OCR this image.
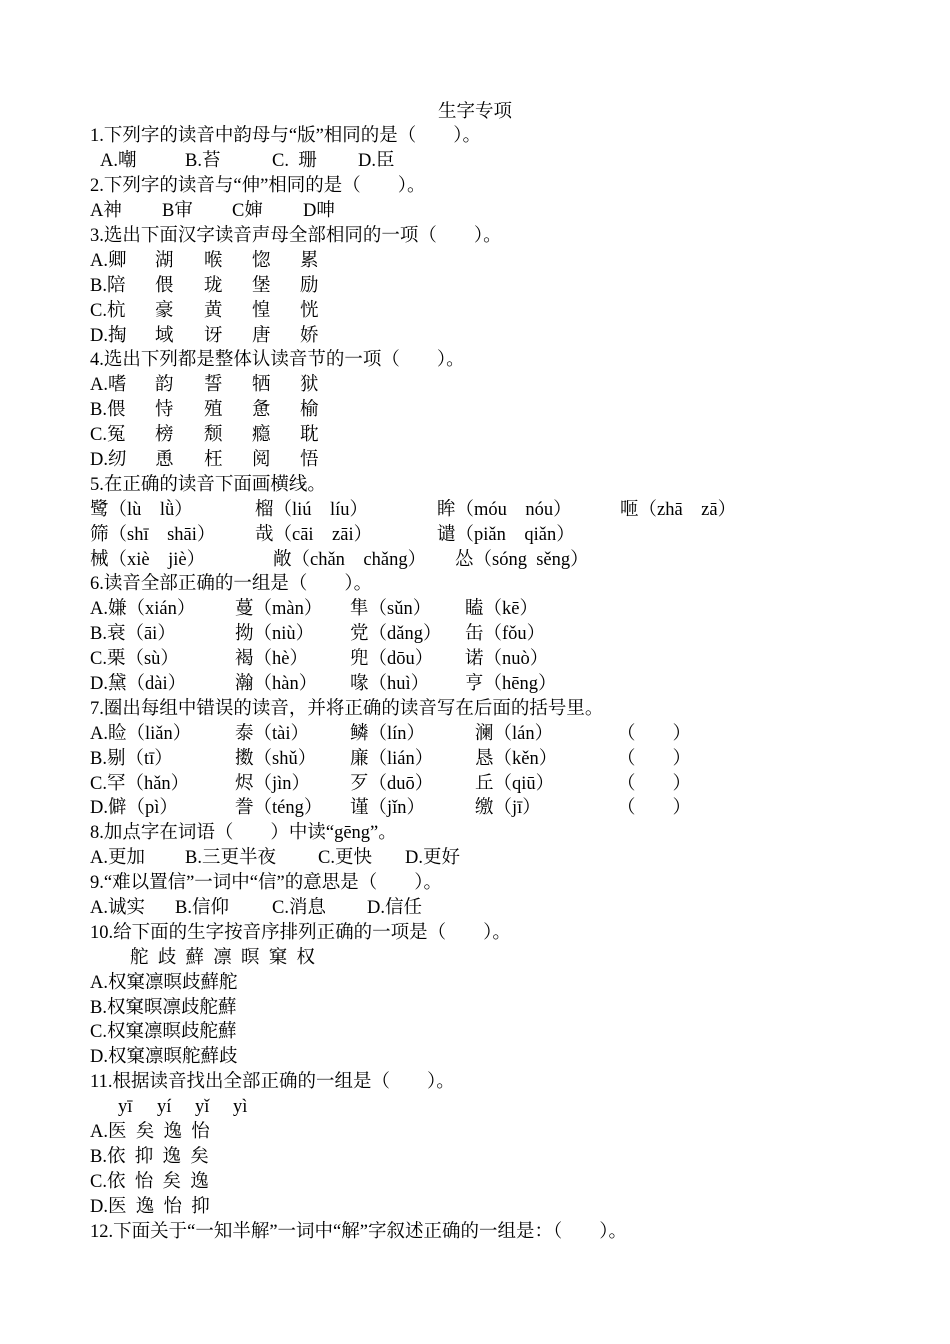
生字专项
1.下列字的读音中韵母与“版”相同的是（　　）。
A.嘲	B.苔	C. 珊 D.臣
2.下列字的读音与“伸”相同的是（　　）。
A神 B审 C婶 D呻
3.选出下面汉字读音声母全部相同的一项（　　）。
A.卿 湖 喉 惚 累
B.陪 偎 珑 堡 励
C.杭 豪 黄 惶 恍
D.掏 域 讶 唐 娇
4.选出下列都是整体认读音节的一项（　　）。
A.嗜 韵 誓 牺 狱
B.偎 恃 殖 惫 榆
C.冤 榜 颓 瘾 耽
D.纫 恿 枉 阅 悟
5.在正确的读音下面画横线。
鹭（lù  lǜ）	榴（liú  líu）	眸（móu  nóu）	咂（zhā  zā）
筛（shī  shāi） 哉（cāi  zāi）	谴（piǎn  qiǎn）
械（xiè  jiè）	敞（chǎn  chǎng） 怂（sóng sěng）
6.读音全部正确的一组是（　　）。
A.嫌（xián） 蔓（màn） 隼（sǔn） 瞌（kē）
B.衰（āi）	拗（niù） 党（dǎng） 缶（fǒu）
C.栗（sù）	褐（hè） 兜（dōu） 诺（nuò）
D.黛（dài）	瀚（hàn） 喙（huì） 亨（hēng）
7.圈出每组中错误的读音，并将正确的读音写在后面的括号里。
A.睑（liǎn） 泰（tài） 鳞（lín）	澜（lán）	（　　）
B.剔（tī）	擞（shǔ） 廉（lián） 恳（kěn）	（　　）
C.罕（hǎn） 烬（jìn） 歹（duō） 丘（qiū）	（　　）
D.僻（pì）	誊（téng） 谨（jǐn）	缴（jī）	（　　）
8.加点字在词语（　　）中读“gēng”。
A.更加 B.三更半夜 C.更快 D.更好
9.“难以置信”一词中“信”的意思是（　　）。
A.诚实 B.信仰 C.消息 D.信任
10.给下面的生字按音序排列正确的一项是（　　）。
舵 歧 蘚 凛 暝 窠 权
A.权窠凛暝歧蘚舵
B.权窠暝凛歧舵蘚
C.权窠凛暝歧舵蘚
D.权窠凛暝舵蘚歧
11.根据读音找出全部正确的一组是（　　）。
yī yí yǐ yì
A.医 矣 逸 怡
B.依 抑 逸 矣
C.依 怡 矣 逸
D.医 逸 怡 抑
12.下面关于“一知半解”一词中“解”字叙述正确的一组是：（　　）。
